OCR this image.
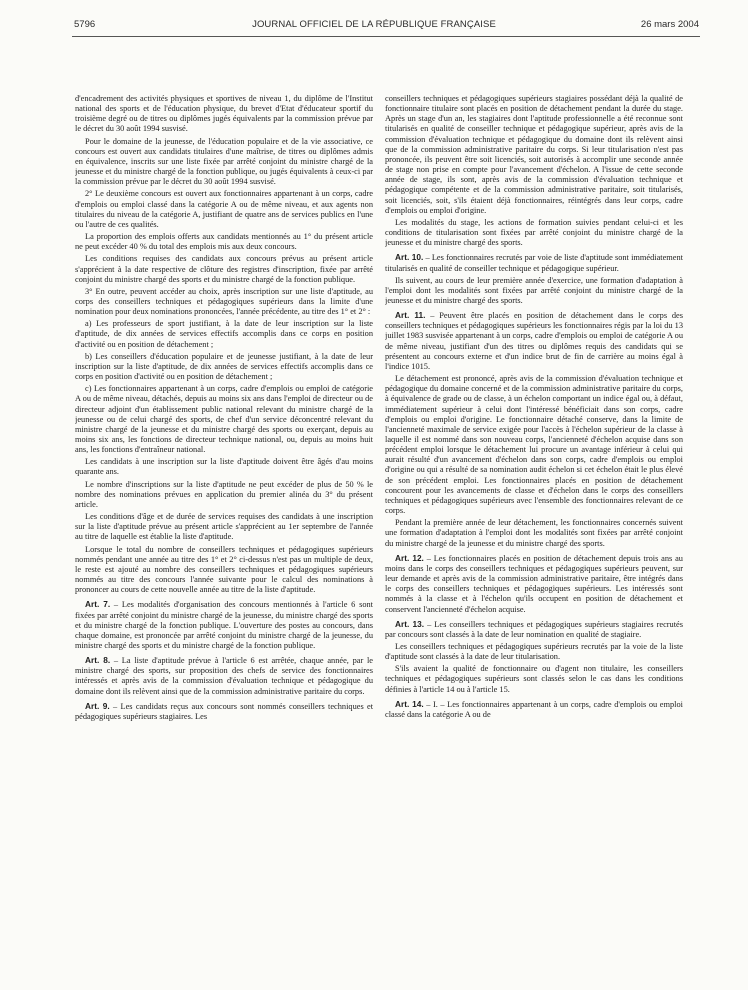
5796	JOURNAL OFFICIEL DE LA RÉPUBLIQUE FRANÇAISE	26 mars 2004

d'encadrement des activités physiques et sportives de niveau 1, du diplôme de l'Institut national des sports et de l'éducation physique, du brevet d'Etat d'éducateur sportif du troisième degré ou de titres ou diplômes jugés équivalents par la commission prévue par le décret du 30 août 1994 susvisé.

Pour le domaine de la jeunesse, de l'éducation populaire et de la vie associative, ce concours est ouvert aux candidats titulaires d'une maîtrise, de titres ou diplômes admis en équivalence, inscrits sur une liste fixée par arrêté conjoint du ministre chargé de la jeunesse et du ministre chargé de la fonction publique, ou jugés équivalents à ceux-ci par la commission prévue par le décret du 30 août 1994 susvisé.

2° Le deuxième concours est ouvert aux fonctionnaires appartenant à un corps, cadre d'emplois ou emploi classé dans la catégorie A ou de même niveau, et aux agents non titulaires du niveau de la catégorie A, justifiant de quatre ans de services publics en l'une ou l'autre de ces qualités.

La proportion des emplois offerts aux candidats mentionnés au 1° du présent article ne peut excéder 40 % du total des emplois mis aux deux concours.

Les conditions requises des candidats aux concours prévus au présent article s'apprécient à la date respective de clôture des registres d'inscription, fixée par arrêté conjoint du ministre chargé des sports et du ministre chargé de la fonction publique.

3° En outre, peuvent accéder au choix, après inscription sur une liste d'aptitude, au corps des conseillers techniques et pédagogiques supérieurs dans la limite d'une nomination pour deux nominations prononcées, l'année précédente, au titre des 1° et 2° :

a) Les professeurs de sport justifiant, à la date de leur inscription sur la liste d'aptitude, de dix années de services effectifs accomplis dans ce corps en position d'activité ou en position de détachement ;

b) Les conseillers d'éducation populaire et de jeunesse justifiant, à la date de leur inscription sur la liste d'aptitude, de dix années de services effectifs accomplis dans ce corps en position d'activité ou en position de détachement ;

c) Les fonctionnaires appartenant à un corps, cadre d'emplois ou emploi de catégorie A ou de même niveau, détachés, depuis au moins six ans dans l'emploi de directeur ou de directeur adjoint d'un établissement public national relevant du ministre chargé de la jeunesse ou de celui chargé des sports, de chef d'un service déconcentré relevant du ministre chargé de la jeunesse et du ministre chargé des sports ou exerçant, depuis au moins six ans, les fonctions de directeur technique national, ou, depuis au moins huit ans, les fonctions d'entraîneur national.

Les candidats à une inscription sur la liste d'aptitude doivent être âgés d'au moins quarante ans.

Le nombre d'inscriptions sur la liste d'aptitude ne peut excéder de plus de 50 % le nombre des nominations prévues en application du premier alinéa du 3° du présent article.

Les conditions d'âge et de durée de services requises des candidats à une inscription sur la liste d'aptitude prévue au présent article s'apprécient au 1er septembre de l'année au titre de laquelle est établie la liste d'aptitude.

Lorsque le total du nombre de conseillers techniques et pédagogiques supérieurs nommés pendant une année au titre des 1° et 2° ci-dessus n'est pas un multiple de deux, le reste est ajouté au nombre des conseillers techniques et pédagogiques supérieurs nommés au titre des concours l'année suivante pour le calcul des nominations à prononcer au cours de cette nouvelle année au titre de la liste d'aptitude.

Art. 7. – Les modalités d'organisation des concours mentionnés à l'article 6 sont fixées par arrêté conjoint du ministre chargé de la jeunesse, du ministre chargé des sports et du ministre chargé de la fonction publique. L'ouverture des postes au concours, dans chaque domaine, est prononcée par arrêté conjoint du ministre chargé de la jeunesse, du ministre chargé des sports et du ministre chargé de la fonction publique.

Art. 8. – La liste d'aptitude prévue à l'article 6 est arrêtée, chaque année, par le ministre chargé des sports, sur proposition des chefs de service des fonctionnaires intéressés et après avis de la commission d'évaluation technique et pédagogique du domaine dont ils relèvent ainsi que de la commission administrative paritaire du corps.

Art. 9. – Les candidats reçus aux concours sont nommés conseillers techniques et pédagogiques supérieurs stagiaires. Les

conseillers techniques et pédagogiques supérieurs stagiaires possédant déjà la qualité de fonctionnaire titulaire sont placés en position de détachement pendant la durée du stage. Après un stage d'un an, les stagiaires dont l'aptitude professionnelle a été reconnue sont titularisés en qualité de conseiller technique et pédagogique supérieur, après avis de la commission d'évaluation technique et pédagogique du domaine dont ils relèvent ainsi que de la commission administrative paritaire du corps. Si leur titularisation n'est pas prononcée, ils peuvent être soit licenciés, soit autorisés à accomplir une seconde année de stage non prise en compte pour l'avancement d'échelon. A l'issue de cette seconde année de stage, ils sont, après avis de la commission d'évaluation technique et pédagogique compétente et de la commission administrative paritaire, soit titularisés, soit licenciés, soit, s'ils étaient déjà fonctionnaires, réintégrés dans leur corps, cadre d'emplois ou emploi d'origine.

Les modalités du stage, les actions de formation suivies pendant celui-ci et les conditions de titularisation sont fixées par arrêté conjoint du ministre chargé de la jeunesse et du ministre chargé des sports.

Art. 10. – Les fonctionnaires recrutés par voie de liste d'aptitude sont immédiatement titularisés en qualité de conseiller technique et pédagogique supérieur.

Ils suivent, au cours de leur première année d'exercice, une formation d'adaptation à l'emploi dont les modalités sont fixées par arrêté conjoint du ministre chargé de la jeunesse et du ministre chargé des sports.

Art. 11. – Peuvent être placés en position de détachement dans le corps des conseillers techniques et pédagogiques supérieurs les fonctionnaires régis par la loi du 13 juillet 1983 susvisée appartenant à un corps, cadre d'emplois ou emploi de catégorie A ou de même niveau, justifiant d'un des titres ou diplômes requis des candidats qui se présentent au concours externe et d'un indice brut de fin de carrière au moins égal à l'indice 1015.

Le détachement est prononcé, après avis de la commission d'évaluation technique et pédagogique du domaine concerné et de la commission administrative paritaire du corps, à équivalence de grade ou de classe, à un échelon comportant un indice égal ou, à défaut, immédiatement supérieur à celui dont l'intéressé bénéficiait dans son corps, cadre d'emplois ou emploi d'origine. Le fonctionnaire détaché conserve, dans la limite de l'ancienneté maximale de service exigée pour l'accès à l'échelon supérieur de la classe à laquelle il est nommé dans son nouveau corps, l'ancienneté d'échelon acquise dans son précédent emploi lorsque le détachement lui procure un avantage inférieur à celui qui aurait résulté d'un avancement d'échelon dans son corps, cadre d'emplois ou emploi d'origine ou qui a résulté de sa nomination audit échelon si cet échelon était le plus élevé de son précédent emploi. Les fonctionnaires placés en position de détachement concourent pour les avancements de classe et d'échelon dans le corps des conseillers techniques et pédagogiques supérieurs avec l'ensemble des fonctionnaires relevant de ce corps.

Pendant la première année de leur détachement, les fonctionnaires concernés suivent une formation d'adaptation à l'emploi dont les modalités sont fixées par arrêté conjoint du ministre chargé de la jeunesse et du ministre chargé des sports.

Art. 12. – Les fonctionnaires placés en position de détachement depuis trois ans au moins dans le corps des conseillers techniques et pédagogiques supérieurs peuvent, sur leur demande et après avis de la commission administrative paritaire, être intégrés dans le corps des conseillers techniques et pédagogiques supérieurs. Les intéressés sont nommés à la classe et à l'échelon qu'ils occupent en position de détachement et conservent l'ancienneté d'échelon acquise.

Art. 13. – Les conseillers techniques et pédagogiques supérieurs stagiaires recrutés par concours sont classés à la date de leur nomination en qualité de stagiaire.

Les conseillers techniques et pédagogiques supérieurs recrutés par la voie de la liste d'aptitude sont classés à la date de leur titularisation.

S'ils avaient la qualité de fonctionnaire ou d'agent non titulaire, les conseillers techniques et pédagogiques supérieurs sont classés selon le cas dans les conditions définies à l'article 14 ou à l'article 15.

Art. 14. – I. – Les fonctionnaires appartenant à un corps, cadre d'emplois ou emploi classé dans la catégorie A ou de
